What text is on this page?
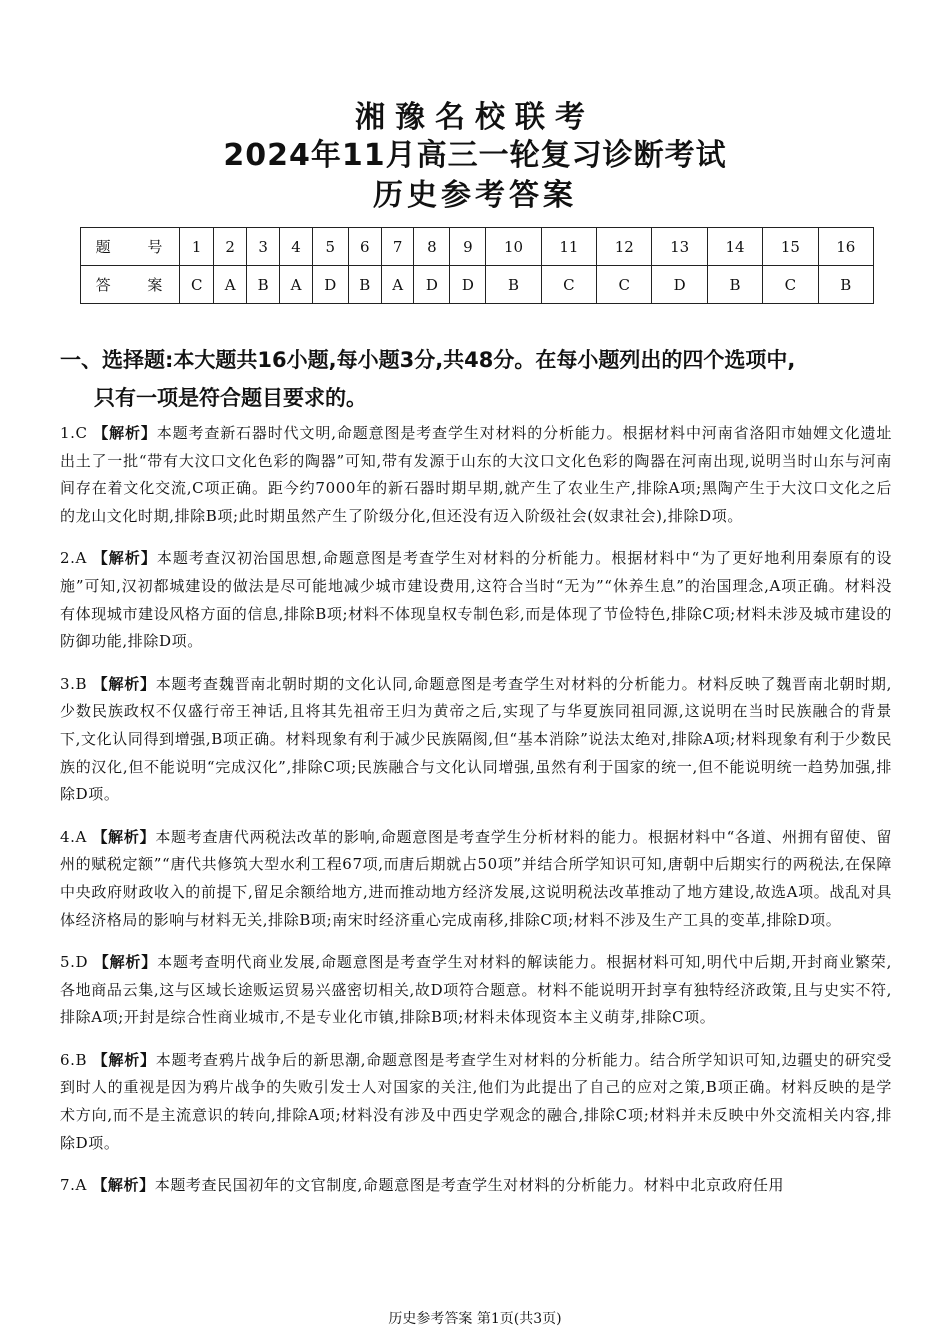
湘豫名校联考
2024年11月高三一轮复习诊断考试
历史参考答案
题 号	1	2	3	4	5	6	7	8	9	10	11	12	13	14	15	16
答 案	C	A	B	A	D	B	A	D	D	B	C	C	D	B	C	B
一、选择题:本大题共16小题,每小题3分,共48分。在每小题列出的四个选项中,
只有一项是符合题目要求的。

1.C 【解析】本题考查新石器时代文明,命题意图是考查学生对材料的分析能力。根据材料中河南省洛阳市妯娌文化遗址出土了一批“带有大汶口文化色彩的陶器”可知,带有发源于山东的大汶口文化色彩的陶器在河南出现,说明当时山东与河南间存在着文化交流,C项正确。距今约7000年的新石器时期早期,就产生了农业生产,排除A项;黑陶产生于大汶口文化之后的龙山文化时期,排除B项;此时期虽然产生了阶级分化,但还没有迈入阶级社会(奴隶社会),排除D项。

2.A 【解析】本题考查汉初治国思想,命题意图是考查学生对材料的分析能力。根据材料中“为了更好地利用秦原有的设施”可知,汉初都城建设的做法是尽可能地减少城市建设费用,这符合当时“无为”“休养生息”的治国理念,A项正确。材料没有体现城市建设风格方面的信息,排除B项;材料不体现皇权专制色彩,而是体现了节俭特色,排除C项;材料未涉及城市建设的防御功能,排除D项。

3.B 【解析】本题考查魏晋南北朝时期的文化认同,命题意图是考查学生对材料的分析能力。材料反映了魏晋南北朝时期,少数民族政权不仅盛行帝王神话,且将其先祖帝王归为黄帝之后,实现了与华夏族同祖同源,这说明在当时民族融合的背景下,文化认同得到增强,B项正确。材料现象有利于减少民族隔阂,但“基本消除”说法太绝对,排除A项;材料现象有利于少数民族的汉化,但不能说明“完成汉化”,排除C项;民族融合与文化认同增强,虽然有利于国家的统一,但不能说明统一趋势加强,排除D项。

4.A 【解析】本题考查唐代两税法改革的影响,命题意图是考查学生分析材料的能力。根据材料中“各道、州拥有留使、留州的赋税定额”“唐代共修筑大型水利工程67项,而唐后期就占50项”并结合所学知识可知,唐朝中后期实行的两税法,在保障中央政府财政收入的前提下,留足余额给地方,进而推动地方经济发展,这说明税法改革推动了地方建设,故选A项。战乱对具体经济格局的影响与材料无关,排除B项;南宋时经济重心完成南移,排除C项;材料不涉及生产工具的变革,排除D项。

5.D 【解析】本题考查明代商业发展,命题意图是考查学生对材料的解读能力。根据材料可知,明代中后期,开封商业繁荣,各地商品云集,这与区域长途贩运贸易兴盛密切相关,故D项符合题意。材料不能说明开封享有独特经济政策,且与史实不符,排除A项;开封是综合性商业城市,不是专业化市镇,排除B项;材料未体现资本主义萌芽,排除C项。

6.B 【解析】本题考查鸦片战争后的新思潮,命题意图是考查学生对材料的分析能力。结合所学知识可知,边疆史的研究受到时人的重视是因为鸦片战争的失败引发士人对国家的关注,他们为此提出了自己的应对之策,B项正确。材料反映的是学术方向,而不是主流意识的转向,排除A项;材料没有涉及中西史学观念的融合,排除C项;材料并未反映中外交流相关内容,排除D项。

7.A 【解析】本题考查民国初年的文官制度,命题意图是考查学生对材料的分析能力。材料中北京政府任用

历史参考答案 第1页(共3页)
